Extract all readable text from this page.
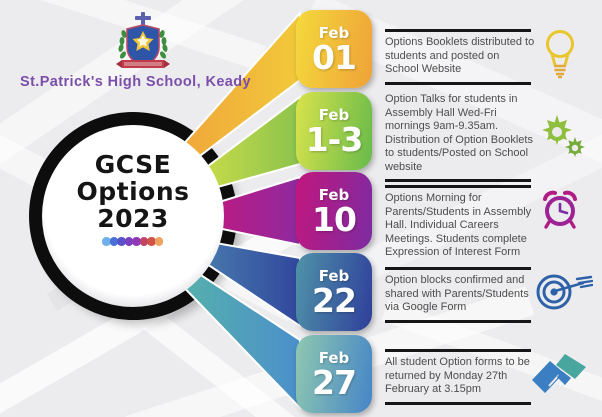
St.Patrick's High School, Keady
GCSE
Options
2023
Feb
01
Feb
1-3
Feb
10
Feb
22
Feb
27
Options Booklets distributed to students and posted on School Website
Option Talks for students in Assembly Hall Wed-Fri mornings 9am-9.35am. Distribution of Option Booklets to students/Posted on School website
Options Morning for Parents/Students in Assembly Hall. Individual Careers Meetings. Students complete Expression of Interest Form
Option blocks confirmed and shared with Parents/Students via Google Form
All student Option forms to be returned by Monday 27th February at 3.15pm
